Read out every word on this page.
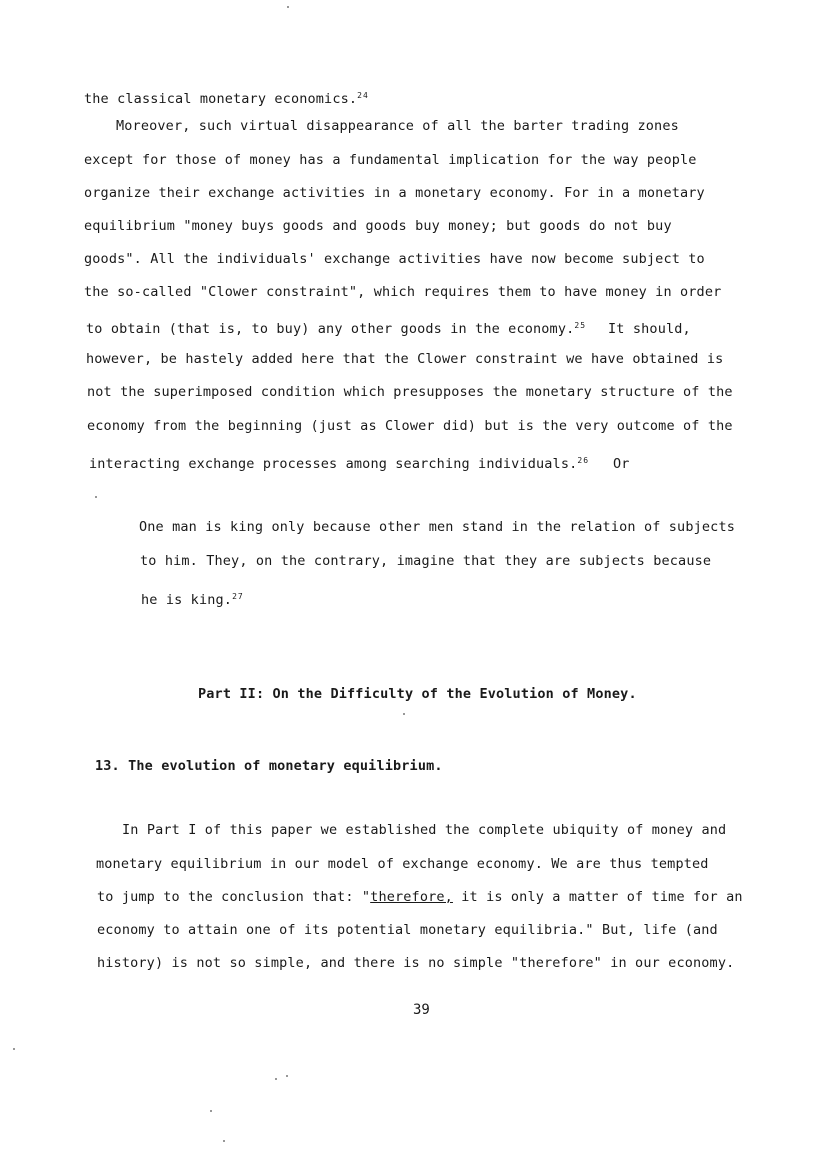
the classical monetary economics.$^{24}$
Moreover, such virtual disappearance of all the barter trading zones
except for those of money has a fundamental implication for the way people
organize their exchange activities in a monetary economy. For in a monetary
equilibrium "money buys goods and goods buy money; but goods do not buy
goods". All the individuals' exchange activities have now become subject to
the so-called "Clower constraint", which requires them to have money in order
to obtain (that is, to buy) any other goods in the economy.$^{25}$ It should,
however, be hastely added here that the Clower constraint we have obtained is
not the superimposed condition which presupposes the monetary structure of the
economy from the beginning (just as Clower did) but is the very outcome of the
interacting exchange processes among searching individuals.$^{26}$ Or
One man is king only because other men stand in the relation of subjects
to him. They, on the contrary, imagine that they are subjects because
he is king.$^{27}$
Part II: On the Difficulty of the Evolution of Money.
13. The evolution of monetary equilibrium.
In Part I of this paper we established the complete ubiquity of money and
monetary equilibrium in our model of exchange economy. We are thus tempted
to jump to the conclusion that: "therefore, it is only a matter of time for an
economy to attain one of its potential monetary equilibria." But, life (and
history) is not so simple, and there is no simple "therefore" in our economy.
39
